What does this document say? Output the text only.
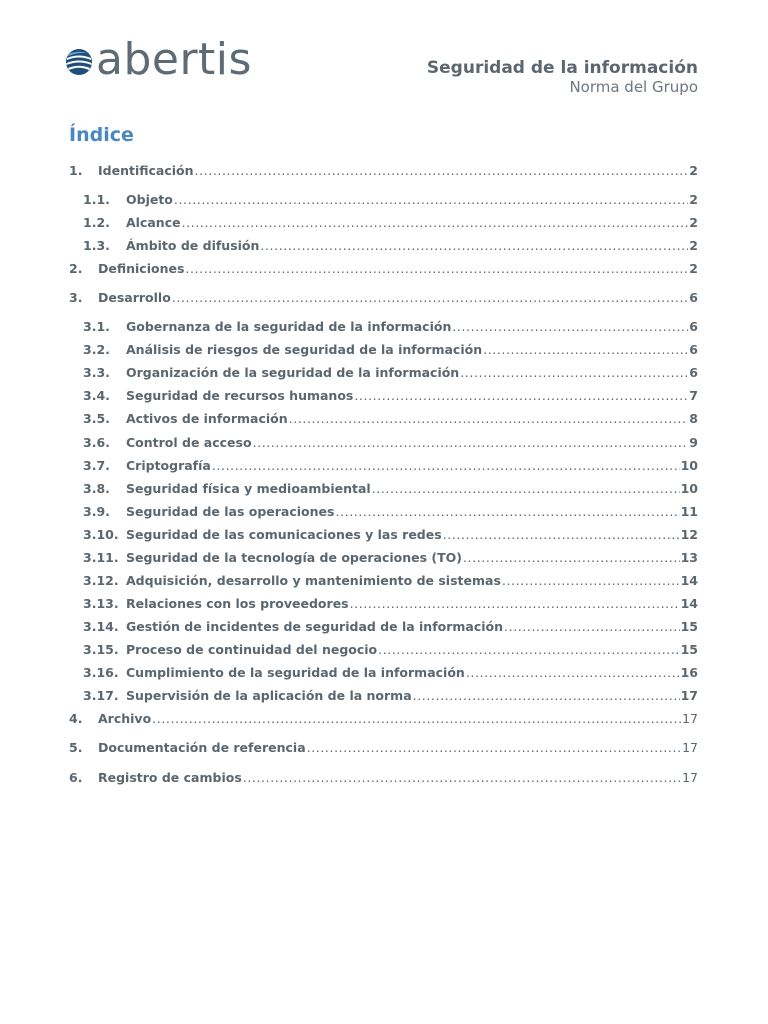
abertis	Seguridad de la información
Norma del Grupo
Índice
1.	Identificación .....	2
1.1.	Objeto .....	2
1.2.	Alcance .....	2
1.3.	Ámbito de difusión .....	2
2.	Definiciones .....	2
3.	Desarrollo .....	6
3.1.	Gobernanza de la seguridad de la información .....	6
3.2.	Análisis de riesgos de seguridad de la información .....	6
3.3.	Organización de la seguridad de la información .....	6
3.4.	Seguridad de recursos humanos .....	7
3.5.	Activos de información .....	8
3.6.	Control de acceso .....	9
3.7.	Criptografía .....	10
3.8.	Seguridad física y medioambiental .....	10
3.9.	Seguridad de las operaciones .....	11
3.10. Seguridad de las comunicaciones y las redes .....	12
3.11. Seguridad de la tecnología de operaciones (TO) .....	13
3.12. Adquisición, desarrollo y mantenimiento de sistemas .....	14
3.13. Relaciones con los proveedores .....	14
3.14. Gestión de incidentes de seguridad de la información .....	15
3.15. Proceso de continuidad del negocio .....	15
3.16. Cumplimiento de la seguridad de la información .....	16
3.17. Supervisión de la aplicación de la norma .....	17
4.	Archivo .....	17
5.	Documentación de referencia .....	17
6.	Registro de cambios .....	17
